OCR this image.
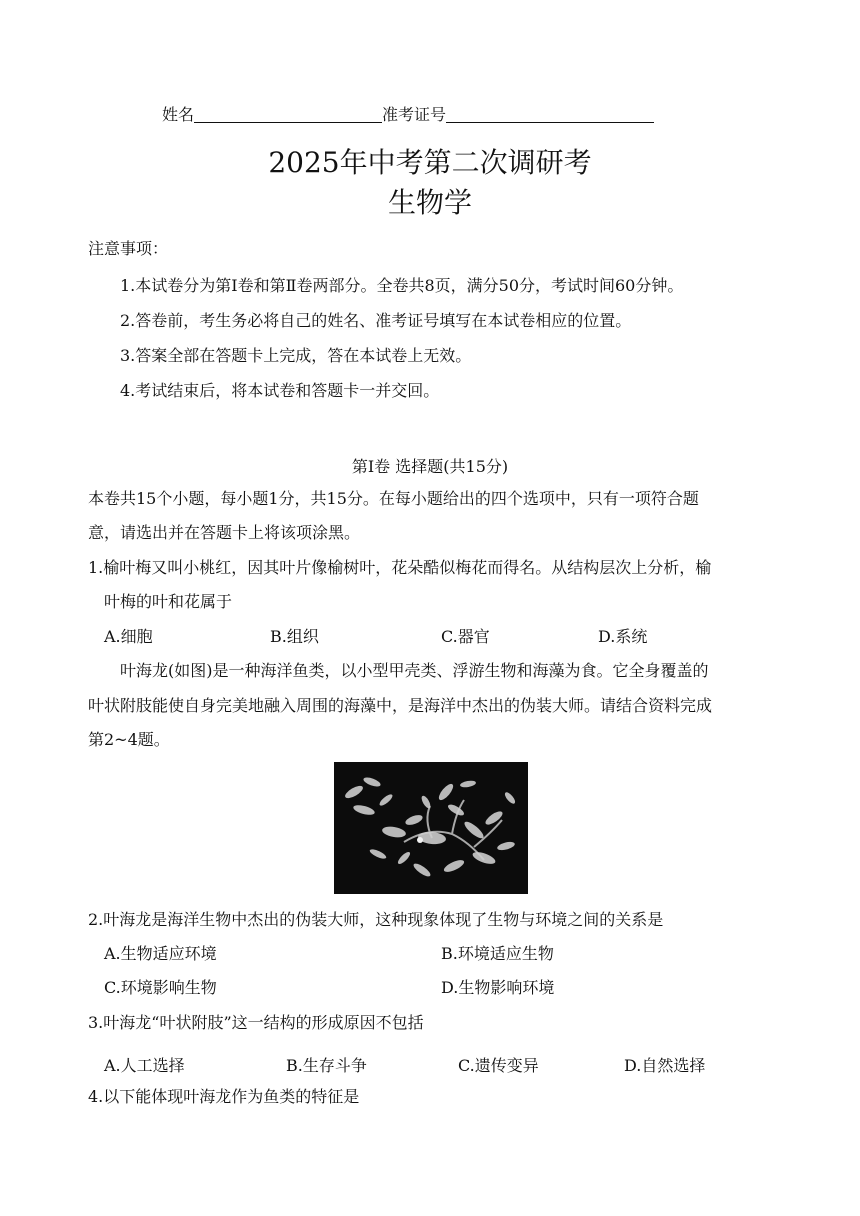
姓名	准考证号
2025年中考第二次调研考
生物学
注意事项：
1.本试卷分为第Ⅰ卷和第Ⅱ卷两部分。全卷共8页，满分50分，考试时间60分钟。
2.答卷前，考生务必将自己的姓名、准考证号填写在本试卷相应的位置。
3.答案全部在答题卡上完成，答在本试卷上无效。
4.考试结束后，将本试卷和答题卡一并交回。
第Ⅰ卷 选择题(共15分)
本卷共15个小题，每小题1分，共15分。在每小题给出的四个选项中，只有一项符合题
意，请选出并在答题卡上将该项涂黑。
1.榆叶梅又叫小桃红，因其叶片像榆树叶，花朵酷似梅花而得名。从结构层次上分析，榆
叶梅的叶和花属于
A.细胞	B.组织	C.器官	D.系统
叶海龙(如图)是一种海洋鱼类，以小型甲壳类、浮游生物和海藻为食。它全身覆盖的
叶状附肢能使自身完美地融入周围的海藻中，是海洋中杰出的伪装大师。请结合资料完成
第2~4题。
2.叶海龙是海洋生物中杰出的伪装大师，这种现象体现了生物与环境之间的关系是
A.生物适应环境	B.环境适应生物
C.环境影响生物	D.生物影响环境
3.叶海龙“叶状附肢”这一结构的形成原因不包括
A.人工选择	B.生存斗争	C.遗传变异	D.自然选择
4.以下能体现叶海龙作为鱼类的特征是
